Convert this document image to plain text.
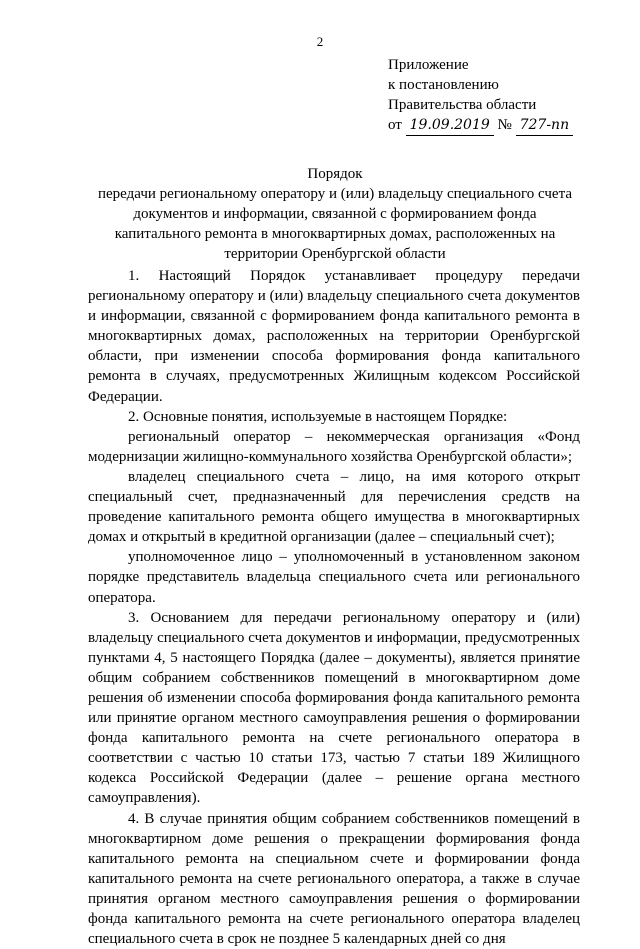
2
Приложение
к постановлению
Правительства области
от 19.09.2019 № 727-пп
Порядок
передачи региональному оператору и (или) владельцу специального счета документов и информации, связанной с формированием фонда капитального ремонта в многоквартирных домах, расположенных на территории Оренбургской области

1. Настоящий Порядок устанавливает процедуру передачи региональному оператору и (или) владельцу специального счета документов и информации, связанной с формированием фонда капитального ремонта в многоквартирных домах, расположенных на территории Оренбургской области, при изменении способа формирования фонда капитального ремонта в случаях, предусмотренных Жилищным кодексом Российской Федерации.

2. Основные понятия, используемые в настоящем Порядке:

региональный оператор – некоммерческая организация «Фонд модернизации жилищно-коммунального хозяйства Оренбургской области»;

владелец специального счета – лицо, на имя которого открыт специальный счет, предназначенный для перечисления средств на проведение капитального ремонта общего имущества в многоквартирных домах и открытый в кредитной организации (далее – специальный счет);

уполномоченное лицо – уполномоченный в установленном законом порядке представитель владельца специального счета или регионального оператора.

3. Основанием для передачи региональному оператору и (или) владельцу специального счета документов и информации, предусмотренных пунктами 4, 5 настоящего Порядка (далее – документы), является принятие общим собранием собственников помещений в многоквартирном доме решения об изменении способа формирования фонда капитального ремонта или принятие органом местного самоуправления решения о формировании фонда капитального ремонта на счете регионального оператора в соответствии с частью 10 статьи 173, частью 7 статьи 189 Жилищного кодекса Российской Федерации (далее – решение органа местного самоуправления).

4. В случае принятия общим собранием собственников помещений в многоквартирном доме решения о прекращении формирования фонда капитального ремонта на специальном счете и формировании фонда капитального ремонта на счете регионального оператора, а также в случае принятия органом местного самоуправления решения о формировании фонда капитального ремонта на счете регионального оператора владелец специального счета в срок не позднее 5 календарных дней со дня
